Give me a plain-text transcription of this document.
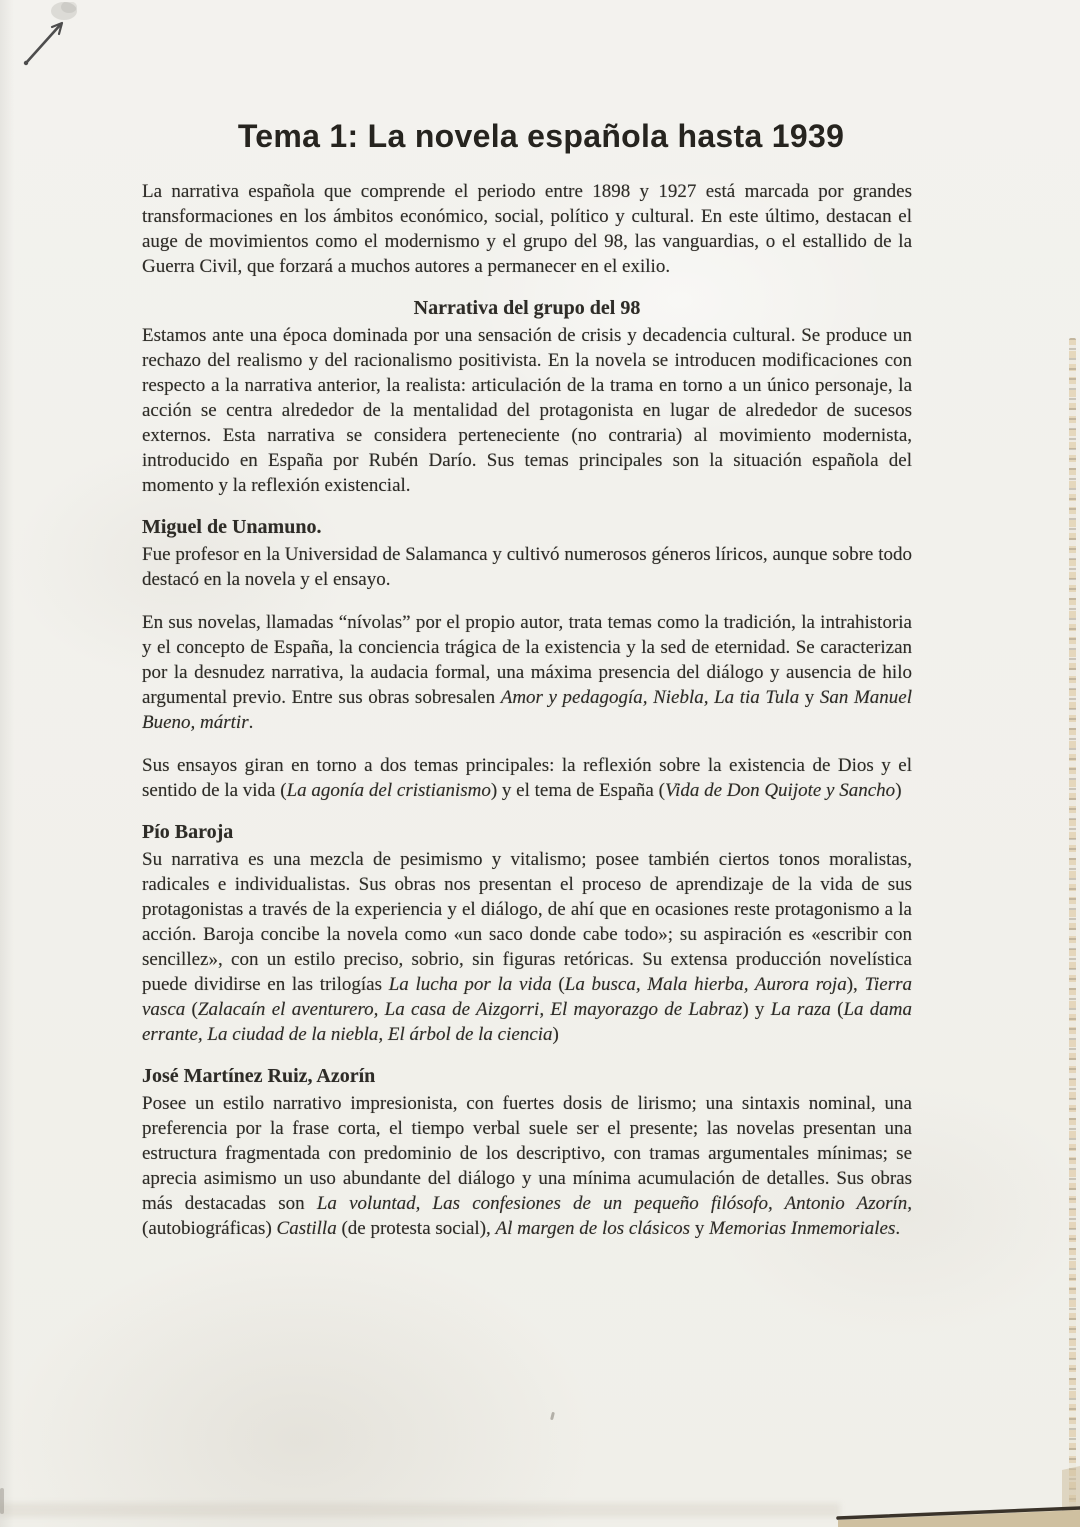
Tema 1: La novela española hasta 1939

La narrativa española que comprende el periodo entre 1898 y 1927 está marcada por grandes transformaciones en los ámbitos económico, social, político y cultural. En este último, destacan el auge de movimientos como el modernismo y el grupo del 98, las vanguardias, o el estallido de la Guerra Civil, que forzará a muchos autores a permanecer en el exilio.

Narrativa del grupo del 98

Estamos ante una época dominada por una sensación de crisis y decadencia cultural. Se produce un rechazo del realismo y del racionalismo positivista. En la novela se introducen modificaciones con respecto a la narrativa anterior, la realista: articulación de la trama en torno a un único personaje, la acción se centra alrededor de la mentalidad del protagonista en lugar de alrededor de sucesos externos. Esta narrativa se considera perteneciente (no contraria) al movimiento modernista, introducido en España por Rubén Darío. Sus temas principales son la situación española del momento y la reflexión existencial.

Miguel de Unamuno.

Fue profesor en la Universidad de Salamanca y cultivó numerosos géneros líricos, aunque sobre todo destacó en la novela y el ensayo.

En sus novelas, llamadas “nívolas” por el propio autor, trata temas como la tradición, la intrahistoria y el concepto de España, la conciencia trágica de la existencia y la sed de eternidad. Se caracterizan por la desnudez narrativa, la audacia formal, una máxima presencia del diálogo y ausencia de hilo argumental previo. Entre sus obras sobresalen Amor y pedagogía, Niebla, La tia Tula y San Manuel Bueno, mártir.

Sus ensayos giran en torno a dos temas principales: la reflexión sobre la existencia de Dios y el sentido de la vida (La agonía del cristianismo) y el tema de España (Vida de Don Quijote y Sancho)

Pío Baroja

Su narrativa es una mezcla de pesimismo y vitalismo; posee también ciertos tonos moralistas, radicales e individualistas. Sus obras nos presentan el proceso de aprendizaje de la vida de sus protagonistas a través de la experiencia y el diálogo, de ahí que en ocasiones reste protagonismo a la acción. Baroja concibe la novela como «un saco donde cabe todo»; su aspiración es «escribir con sencillez», con un estilo preciso, sobrio, sin figuras retóricas. Su extensa producción novelística puede dividirse en las trilogías La lucha por la vida (La busca, Mala hierba, Aurora roja), Tierra vasca (Zalacaín el aventurero, La casa de Aizgorri, El mayorazgo de Labraz) y La raza (La dama errante, La ciudad de la niebla, El árbol de la ciencia)

José Martínez Ruiz, Azorín

Posee un estilo narrativo impresionista, con fuertes dosis de lirismo; una sintaxis nominal, una preferencia por la frase corta, el tiempo verbal suele ser el presente; las novelas presentan una estructura fragmentada con predominio de los descriptivo, con tramas argumentales mínimas; se aprecia asimismo un uso abundante del diálogo y una mínima acumulación de detalles. Sus obras más destacadas son La voluntad, Las confesiones de un pequeño filósofo, Antonio Azorín, (autobiográficas) Castilla (de protesta social), Al margen de los clásicos y Memorias Inmemoriales.
